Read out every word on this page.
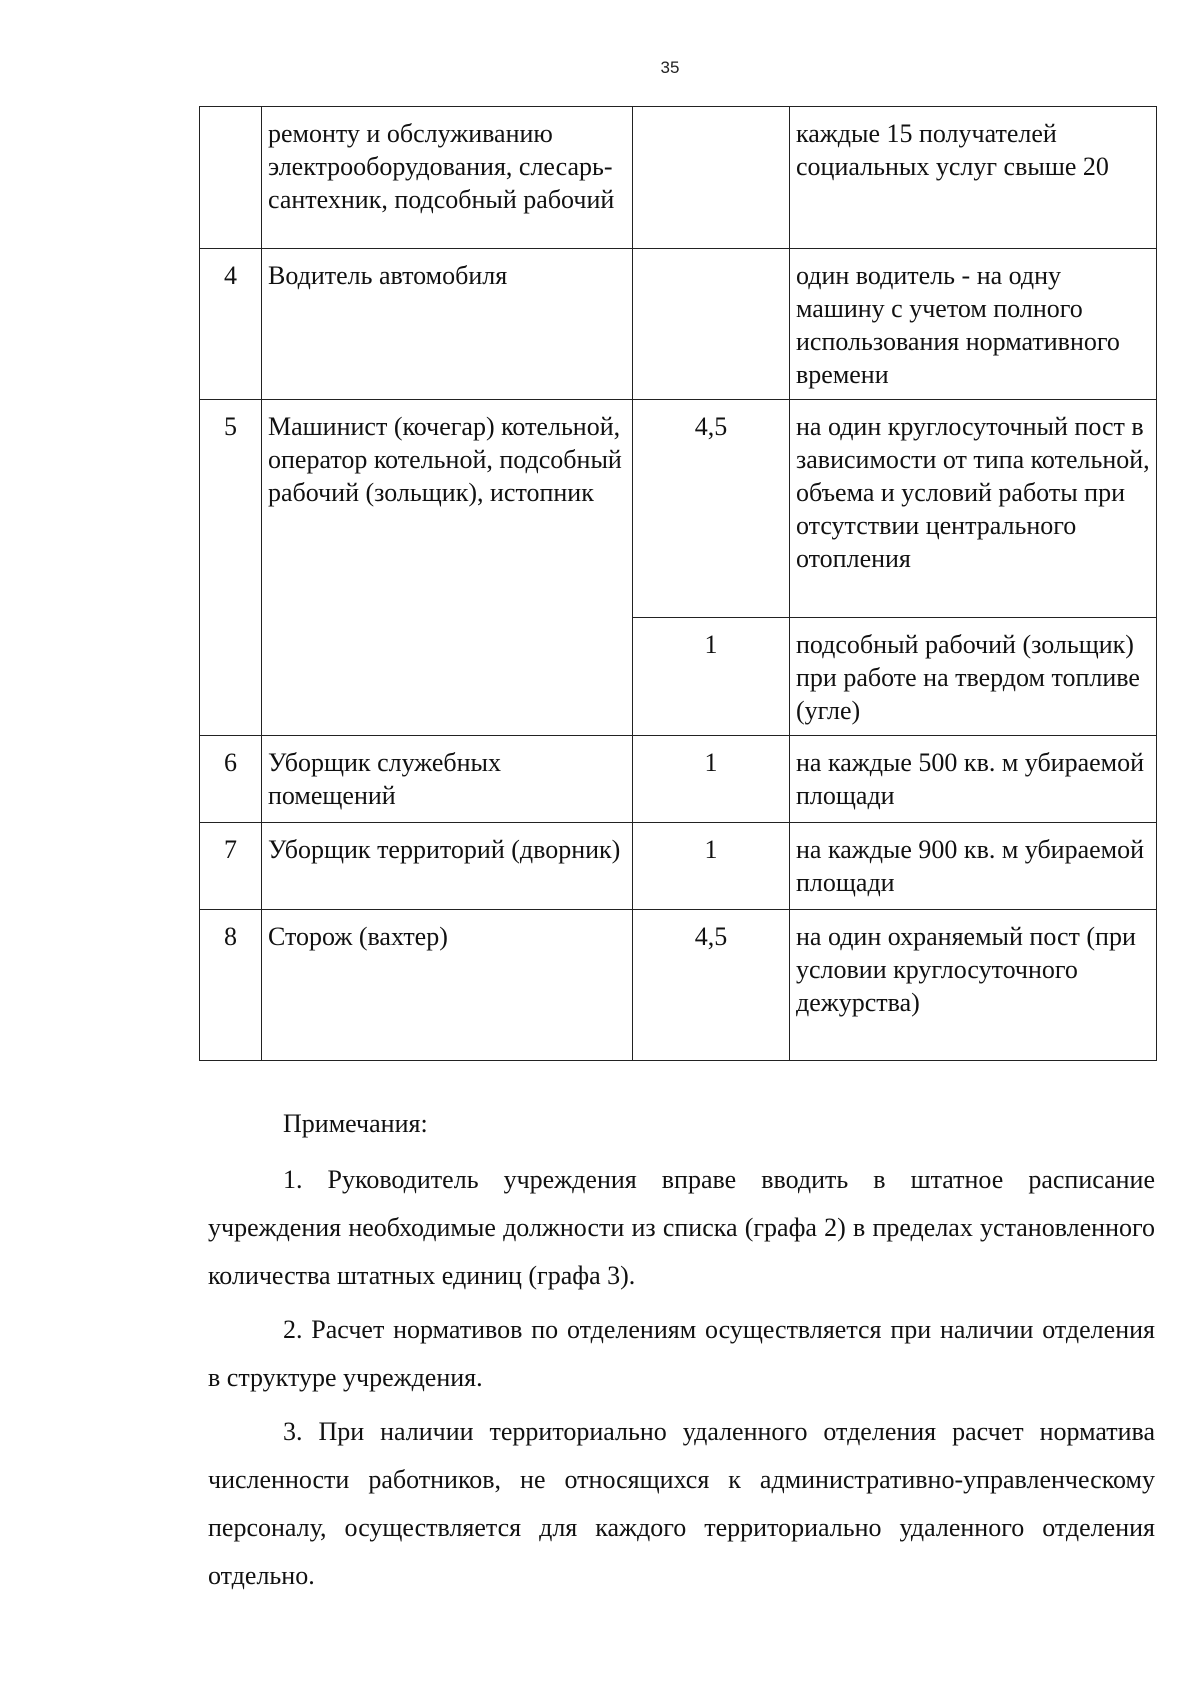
35
	ремонту и обслуживанию электрооборудования, слесарь-сантехник, подсобный рабочий		каждые 15 получателей социальных услуг свыше 20
4	Водитель автомобиля		один водитель - на одну машину с учетом полного использования нормативного времени
5	Машинист (кочегар) котельной, оператор котельной, подсобный рабочий (зольщик), истопник	4,5	на один круглосуточный пост в зависимости от типа котельной, объема и условий работы при отсутствии центрального отопления
		1	подсобный рабочий (зольщик) при работе на твердом топливе (угле)
6	Уборщик служебных помещений	1	на каждые 500 кв. м убираемой площади
7	Уборщик территорий (дворник)	1	на каждые 900 кв. м убираемой площади
8	Сторож (вахтер)	4,5	на один охраняемый пост (при условии круглосуточного дежурства)

Примечания:

1. Руководитель учреждения вправе вводить в штатное расписание учреждения необходимые должности из списка (графа 2) в пределах установленного количества штатных единиц (графа 3).

2. Расчет нормативов по отделениям осуществляется при наличии отделения в структуре учреждения.

3. При наличии территориально удаленного отделения расчет норматива численности работников, не относящихся к административно-управленческому персоналу, осуществляется для каждого территориально удаленного отделения отдельно.
